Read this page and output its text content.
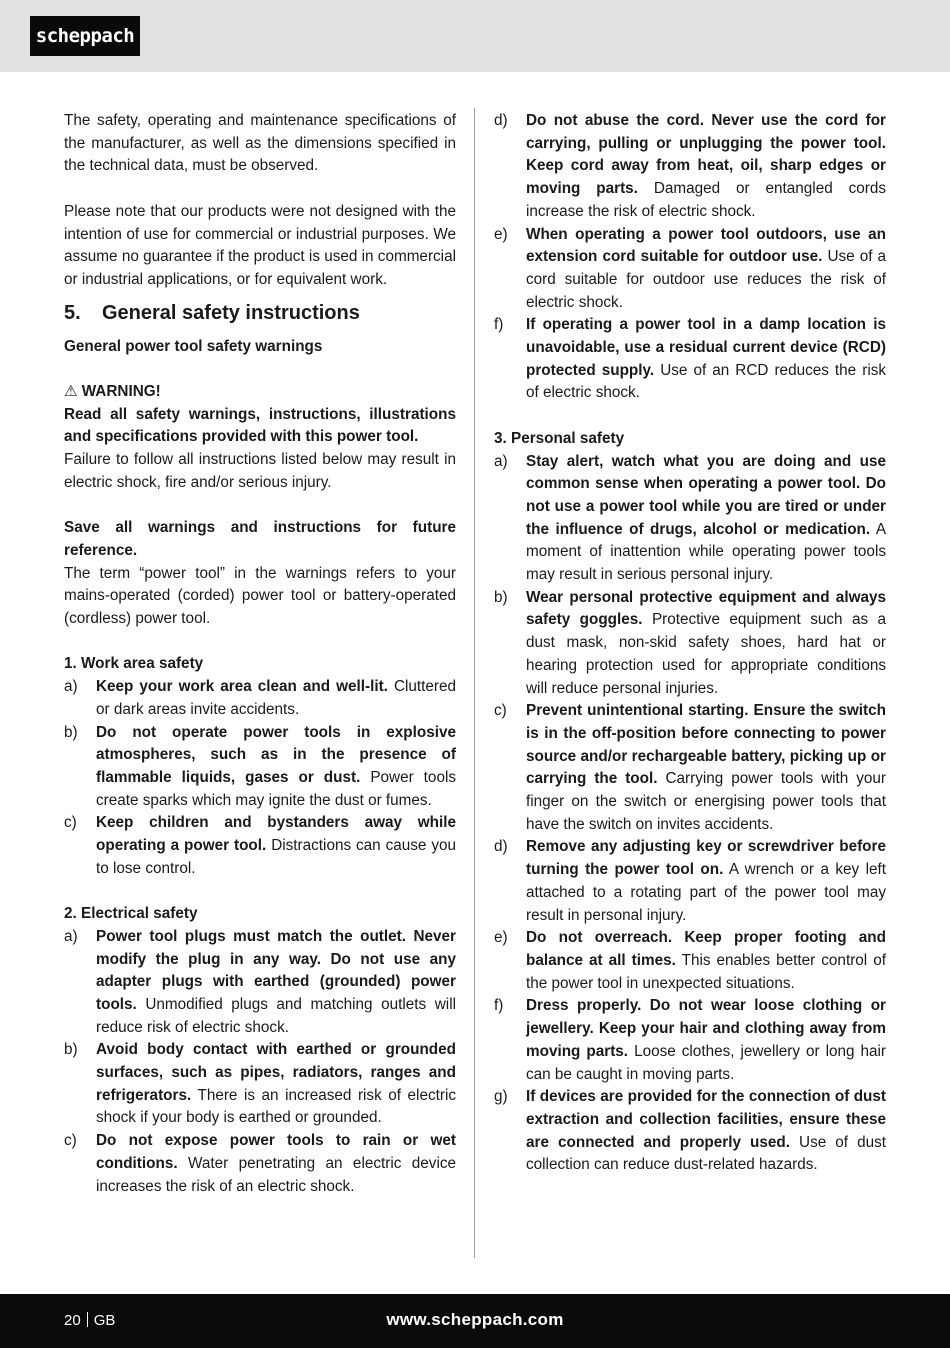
scheppach

The safety, operating and maintenance specifications of the manufacturer, as well as the dimensions specified in the technical data, must be observed.

Please note that our products were not designed with the intention of use for commercial or industrial purposes. We assume no guarantee if the product is used in commercial or industrial applications, or for equivalent work.

5.	General safety instructions

General power tool safety warnings

⚠ WARNING!

Read all safety warnings, instructions, illustrations and specifications provided with this power tool.

Failure to follow all instructions listed below may result in electric shock, fire and/or serious injury.

Save all warnings and instructions for future reference.

The term “power tool” in the warnings refers to your mains-operated (corded) power tool or battery-operated (cordless) power tool.

1. Work area safety

a)	Keep your work area clean and well-lit. Cluttered or dark areas invite accidents.
b)	Do not operate power tools in explosive atmospheres, such as in the presence of flammable liquids, gases or dust. Power tools create sparks which may ignite the dust or fumes.
c)	Keep children and bystanders away while operating a power tool. Distractions can cause you to lose control.

2. Electrical safety

a)	Power tool plugs must match the outlet. Never modify the plug in any way. Do not use any adapter plugs with earthed (grounded) power tools. Unmodified plugs and matching outlets will reduce risk of electric shock.
b)	Avoid body contact with earthed or grounded surfaces, such as pipes, radiators, ranges and refrigerators. There is an increased risk of electric shock if your body is earthed or grounded.
c)	Do not expose power tools to rain or wet conditions. Water penetrating an electric device increases the risk of an electric shock.
d)	Do not abuse the cord. Never use the cord for carrying, pulling or unplugging the power tool. Keep cord away from heat, oil, sharp edges or moving parts. Damaged or entangled cords increase the risk of electric shock.
e)	When operating a power tool outdoors, use an extension cord suitable for outdoor use. Use of a cord suitable for outdoor use reduces the risk of electric shock.
f)	If operating a power tool in a damp location is unavoidable, use a residual current device (RCD) protected supply. Use of an RCD reduces the risk of electric shock.

3. Personal safety

a)	Stay alert, watch what you are doing and use common sense when operating a power tool. Do not use a power tool while you are tired or under the influence of drugs, alcohol or medication. A moment of inattention while operating power tools may result in serious personal injury.
b)	Wear personal protective equipment and always safety goggles. Protective equipment such as a dust mask, non-skid safety shoes, hard hat or hearing protection used for appropriate conditions will reduce personal injuries.
c)	Prevent unintentional starting. Ensure the switch is in the off-position before connecting to power source and/or rechargeable battery, picking up or carrying the tool. Carrying power tools with your finger on the switch or energising power tools that have the switch on invites accidents.
d)	Remove any adjusting key or screwdriver before turning the power tool on. A wrench or a key left attached to a rotating part of the power tool may result in personal injury.
e)	Do not overreach. Keep proper footing and balance at all times. This enables better control of the power tool in unexpected situations.
f)	Dress properly. Do not wear loose clothing or jewellery. Keep your hair and clothing away from moving parts. Loose clothes, jewellery or long hair can be caught in moving parts.
g)	If devices are provided for the connection of dust extraction and collection facilities, ensure these are connected and properly used. Use of dust collection can reduce dust-related hazards.
20 GB	www.scheppach.com
